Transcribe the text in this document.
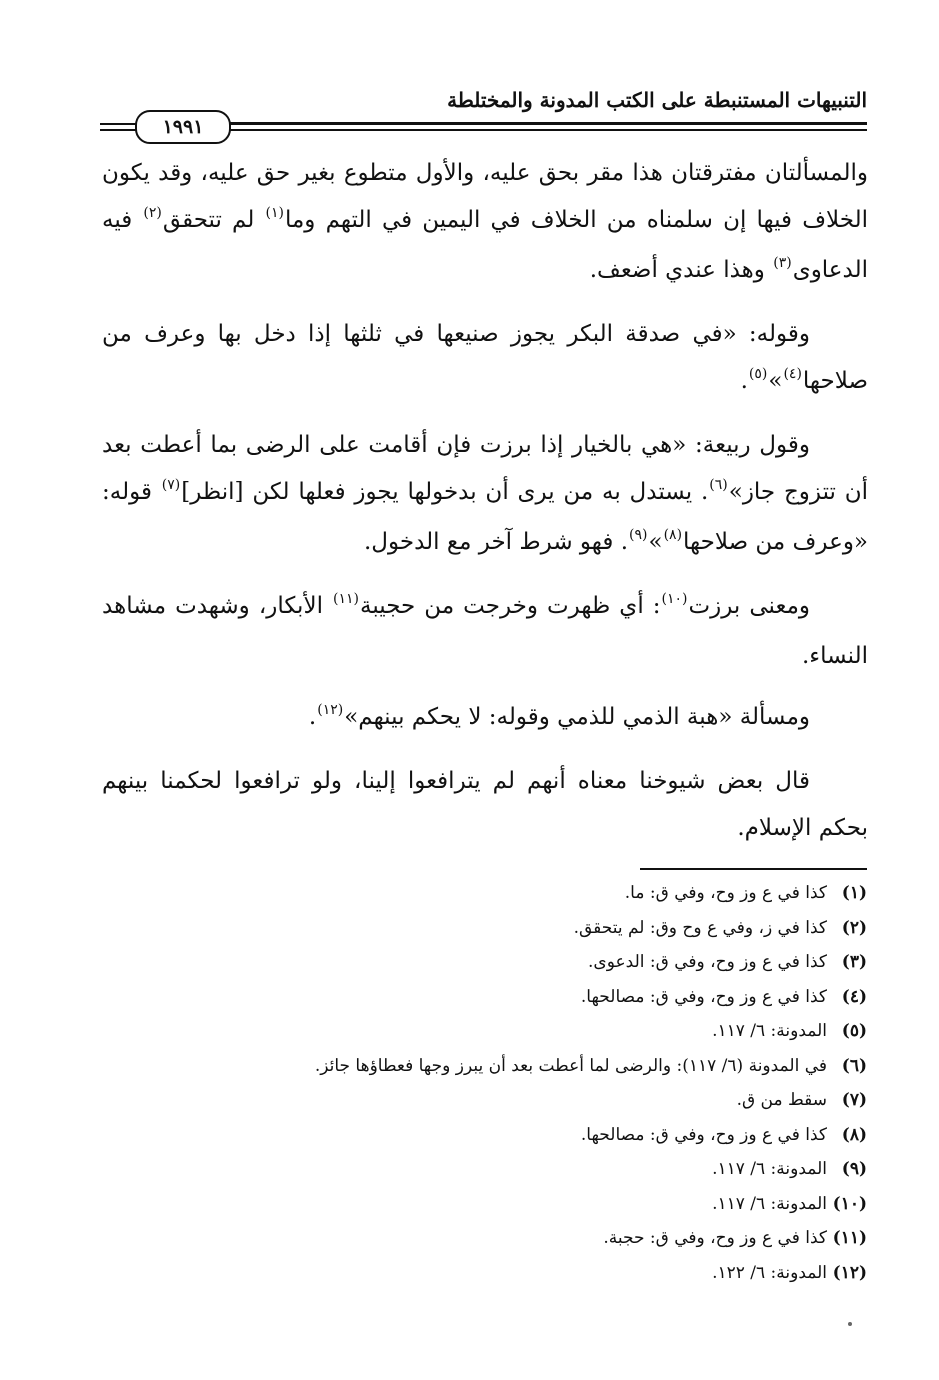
التنبيهات المستنبطة على الكتب المدونة والمختلطة
١٩٩١

والمسألتان مفترقتان هذا مقر بحق عليه، والأول متطوع بغير حق عليه، وقد يكون الخلاف فيها إن سلمناه من الخلاف في اليمين في التهم وما$^{(١)}$ لم تتحقق$^{(٢)}$ فيه الدعاوى$^{(٣)}$ وهذا عندي أضعف.

وقوله: «في صدقة البكر يجوز صنيعها في ثلثها إذا دخل بها وعرف من صلاحها$^{(٤)}$»$^{(٥)}$.

وقول ربيعة: «هي بالخيار إذا برزت فإن أقامت على الرضى بما أعطت بعد أن تتزوج جاز»$^{(٦)}$. يستدل به من يرى أن بدخولها يجوز فعلها لكن [انظر]$^{(٧)}$ قوله: «وعرف من صلاحها$^{(٨)}$»$^{(٩)}$. فهو شرط آخر مع الدخول.

ومعنى برزت$^{(١٠)}$: أي ظهرت وخرجت من حجيبة$^{(١١)}$ الأبكار، وشهدت مشاهد النساء.

ومسألة «هبة الذمي للذمي وقوله: لا يحكم بينهم»$^{(١٢)}$.

قال بعض شيوخنا معناه أنهم لم يترافعوا إلينا، ولو ترافعوا لحكمنا بينهم بحكم الإسلام.

(١)كذا في ع وز وح، وفي ق: ما.
(٢)كذا في ز، وفي ع وح وق: لم يتحقق.
(٣)كذا في ع وز وح، وفي ق: الدعوى.
(٤)كذا في ع وز وح، وفي ق: مصالحها.
(٥)المدونة: ٦/ ١١٧.
(٦)في المدونة (٦/ ١١٧): والرضى لما أعطت بعد أن يبرز وجها فعطاؤها جائز.
(٧)سقط من ق.
(٨)كذا في ع وز وح، وفي ق: مصالحها.
(٩)المدونة: ٦/ ١١٧.
(١٠)المدونة: ٦/ ١١٧.
(١١)كذا في ع وز وح، وفي ق: حجبة.
(١٢)المدونة: ٦/ ١٢٢.
